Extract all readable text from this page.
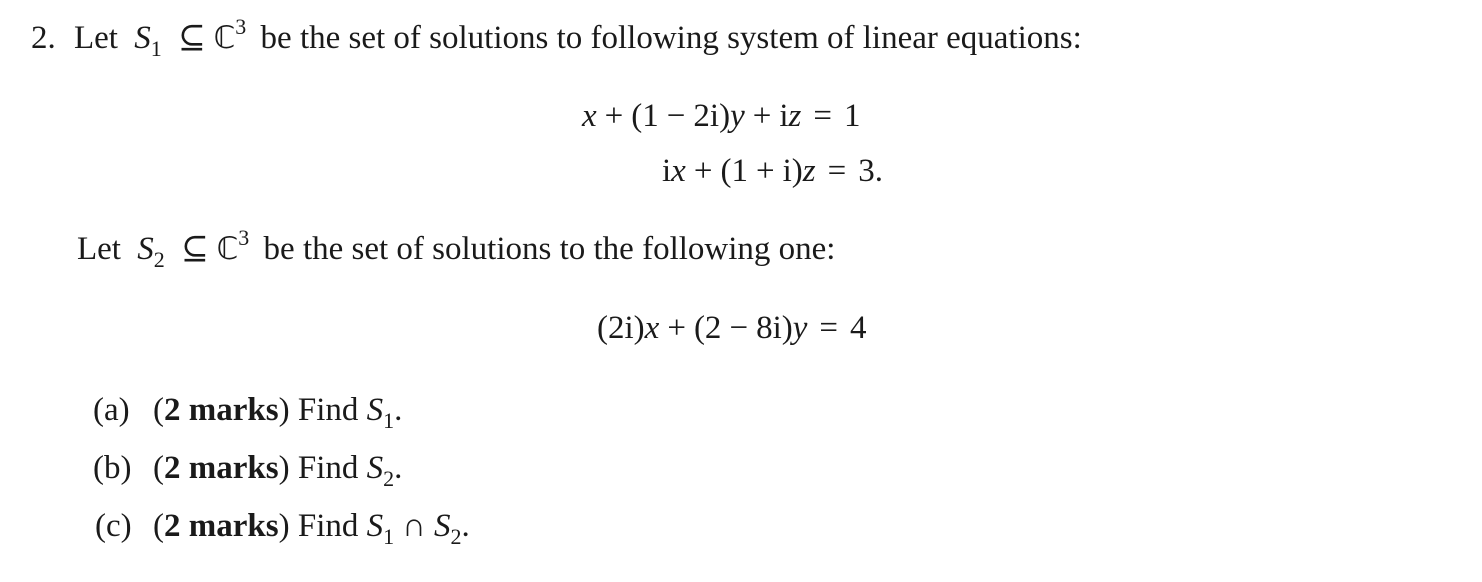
2. Let $S_1$ ⊆ ℂ$^3$ be the set of solutions to following system of linear equations:
x + (1 − 2i)y + iz = 1
ix + (1 + i)z = 3.
Let $S_2$ ⊆ ℂ$^3$ be the set of solutions to the following one:
(2i)x + (2 − 8i)y = 4
(a) (2 marks) Find $S_1$.
(b) (2 marks) Find $S_2$.
(c) (2 marks) Find $S_1$ ∩ $S_2$.
